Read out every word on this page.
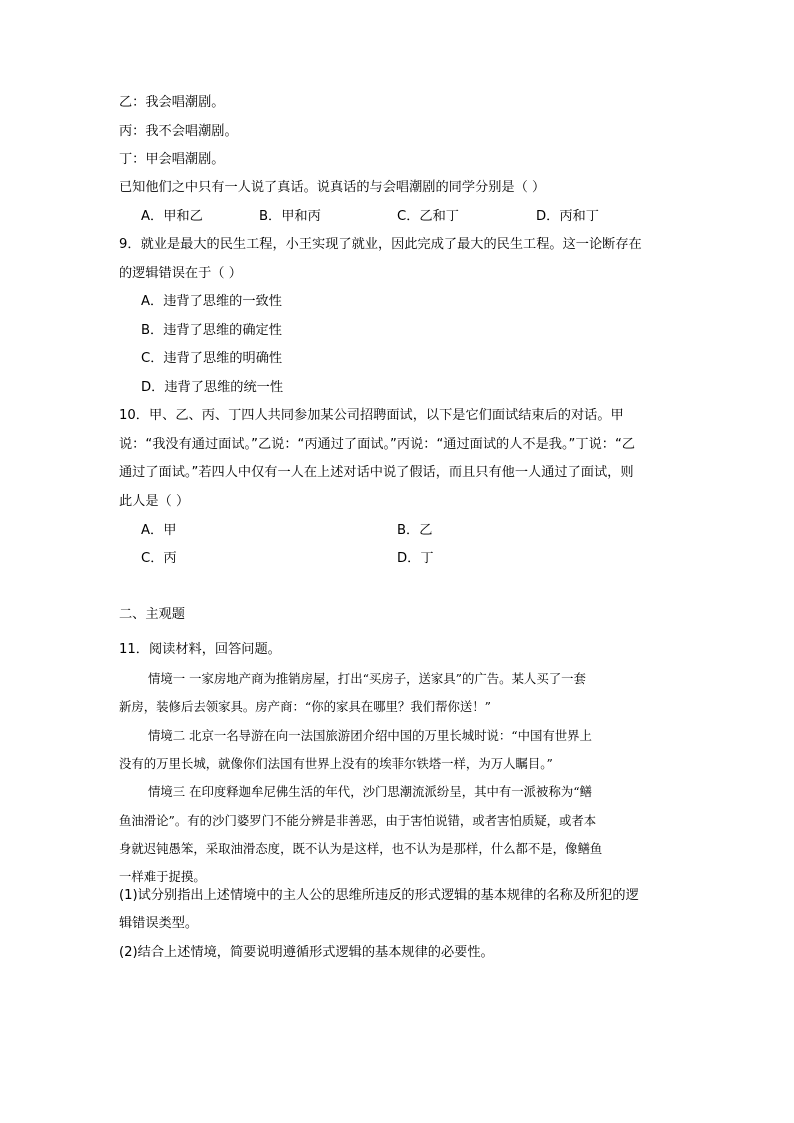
乙：我会唱潮剧。
丙：我不会唱潮剧。
丁：甲会唱潮剧。
已知他们之中只有一人说了真话。说真话的与会唱潮剧的同学分别是（ ）
A．甲和乙	B．甲和丙	C．乙和丁	D．丙和丁
9．就业是最大的民生工程，小王实现了就业，因此完成了最大的民生工程。这一论断存在
的逻辑错误在于（ ）
A．违背了思维的一致性
B．违背了思维的确定性
C．违背了思维的明确性
D．违背了思维的统一性
10．甲、乙、丙、丁四人共同参加某公司招聘面试，以下是它们面试结束后的对话。甲
说：“我没有通过面试。”乙说：“丙通过了面试。”丙说：“通过面试的人不是我。”丁说：“乙
通过了面试。”若四人中仅有一人在上述对话中说了假话，而且只有他一人通过了面试，则
此人是（ ）
A．甲	B．乙
C．丙	D．丁
二、主观题
11．阅读材料，回答问题。
情境一 一家房地产商为推销房屋，打出“买房子，送家具”的广告。某人买了一套
新房，装修后去领家具。房产商：“你的家具在哪里？我们帮你送！”
情境二 北京一名导游在向一法国旅游团介绍中国的万里长城时说：“中国有世界上
没有的万里长城，就像你们法国有世界上没有的埃菲尔铁塔一样，为万人瞩目。”
情境三 在印度释迦牟尼佛生活的年代，沙门思潮流派纷呈，其中有一派被称为“鳝
鱼油滑论”。有的沙门婆罗门不能分辨是非善恶，由于害怕说错，或者害怕质疑，或者本
身就迟钝愚笨，采取油滑态度，既不认为是这样，也不认为是那样，什么都不是，像鳝鱼
一样难于捉摸。
(1)试分别指出上述情境中的主人公的思维所违反的形式逻辑的基本规律的名称及所犯的逻
辑错误类型。
(2)结合上述情境，简要说明遵循形式逻辑的基本规律的必要性。
